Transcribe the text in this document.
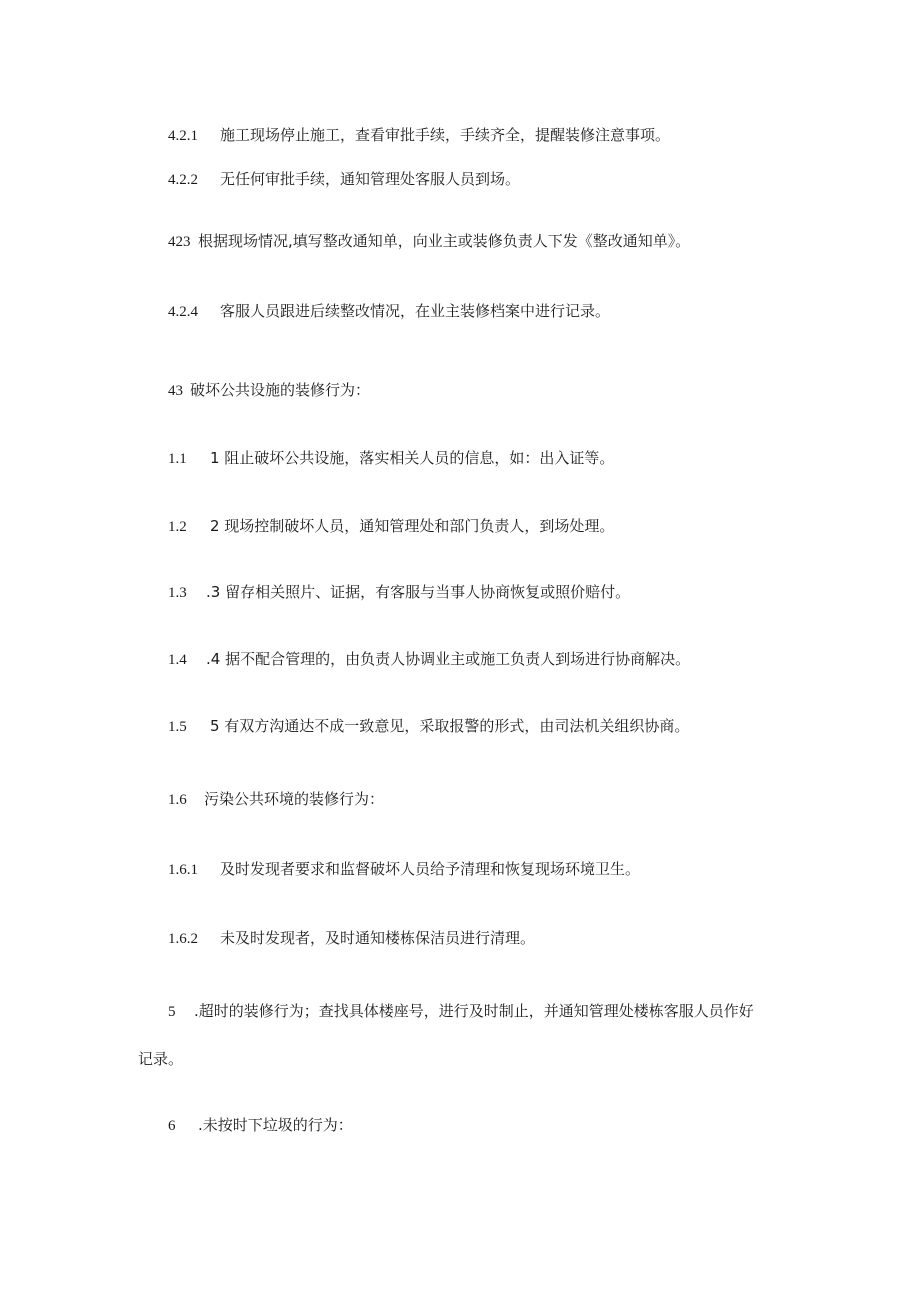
4.2.1 施工现场停止施工，查看审批手续，手续齐全，提醒装修注意事项。
4.2.2 无任何审批手续，通知管理处客服人员到场。
423 根据现场情况,填写整改通知单，向业主或装修负责人下发《整改通知单》。
4.2.4 客服人员跟进后续整改情况，在业主装修档案中进行记录。
43 破坏公共设施的装修行为：
1.1 1 阻止破坏公共设施，落实相关人员的信息，如：出入证等。
1.2 2 现场控制破坏人员，通知管理处和部门负责人，到场处理。
1.3 .3 留存相关照片、证据，有客服与当事人协商恢复或照价赔付。
1.4 .4 据不配合管理的，由负责人协调业主或施工负责人到场进行协商解决。
1.5 5 有双方沟通达不成一致意见，采取报警的形式，由司法机关组织协商。
1.6 污染公共环境的装修行为：
1.6.1 及时发现者要求和监督破坏人员给予清理和恢复现场环境卫生。
1.6.2 未及时发现者，及时通知楼栋保洁员进行清理。
5 .超时的装修行为；查找具体楼座号，进行及时制止，并通知管理处楼栋客服人员作好
记录。
6 .未按时下垃圾的行为：
